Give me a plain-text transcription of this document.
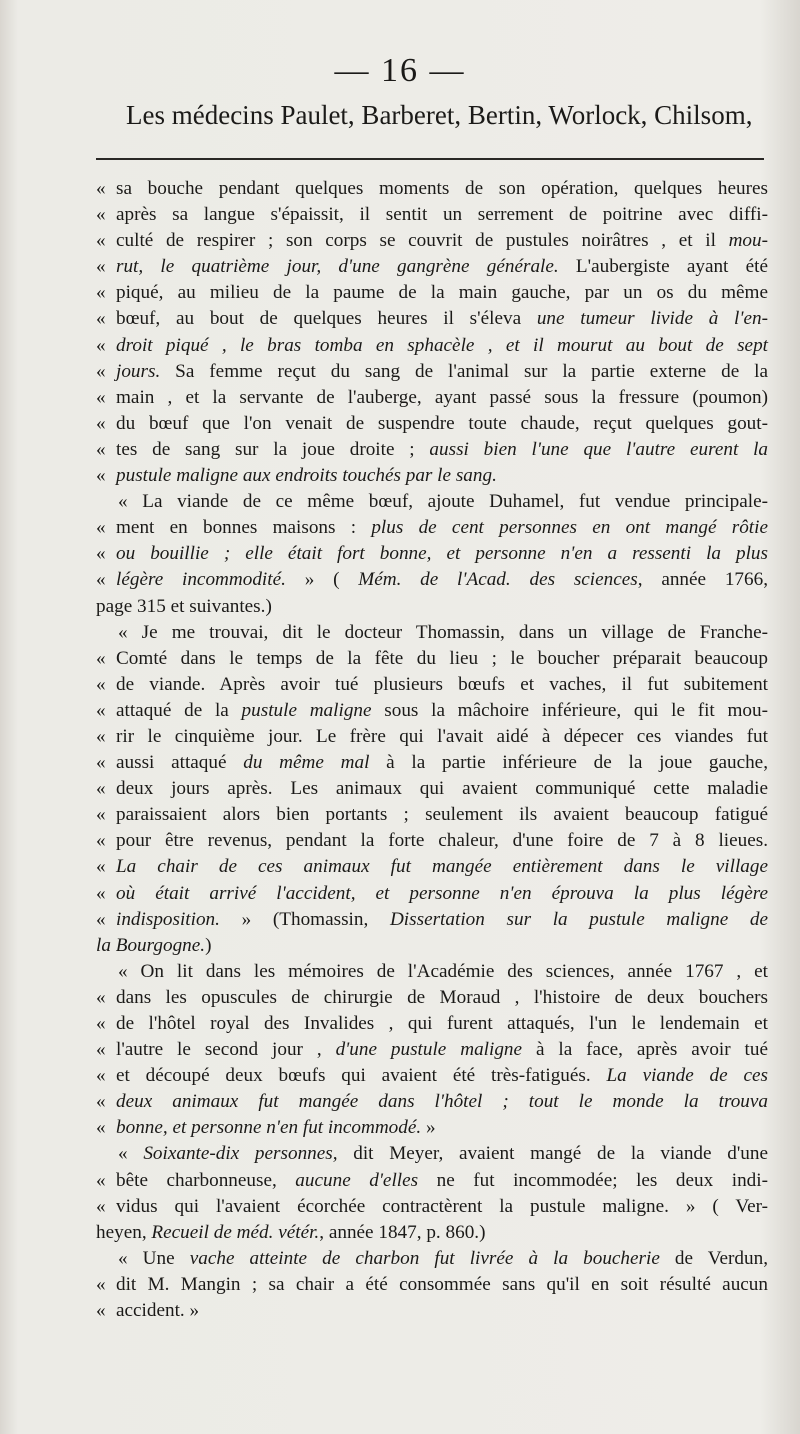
— 16 —
Les médecins Paulet, Barberet, Bertin, Worlock, Chilsom,
« sa bouche pendant quelques moments de son opération, quelques heures
« après sa langue s'épaissit, il sentit un serrement de poitrine avec diffi-
« culté de respirer ; son corps se couvrit de pustules noirâtres , et il mou-
« rut, le quatrième jour, d'une gangrène générale. L'aubergiste ayant été
« piqué, au milieu de la paume de la main gauche, par un os du même
« bœuf, au bout de quelques heures il s'éleva une tumeur livide à l'en-
« droit piqué , le bras tomba en sphacèle , et il mourut au bout de sept
« jours. Sa femme reçut du sang de l'animal sur la partie externe de la
« main , et la servante de l'auberge, ayant passé sous la fressure (poumon)
« du bœuf que l'on venait de suspendre toute chaude, reçut quelques gout-
« tes de sang sur la joue droite ; aussi bien l'une que l'autre eurent la
« pustule maligne aux endroits touchés par le sang.
« La viande de ce même bœuf, ajoute Duhamel, fut vendue principale-
« ment en bonnes maisons : plus de cent personnes en ont mangé rôtie
« ou bouillie ; elle était fort bonne, et personne n'en a ressenti la plus
« légère incommodité. » ( Mém. de l'Acad. des sciences, année 1766,
page 315 et suivantes.)
« Je me trouvai, dit le docteur Thomassin, dans un village de Franche-
« Comté dans le temps de la fête du lieu ; le boucher préparait beaucoup
« de viande. Après avoir tué plusieurs bœufs et vaches, il fut subitement
« attaqué de la pustule maligne sous la mâchoire inférieure, qui le fit mou-
« rir le cinquième jour. Le frère qui l'avait aidé à dépecer ces viandes fut
« aussi attaqué du même mal à la partie inférieure de la joue gauche,
« deux jours après. Les animaux qui avaient communiqué cette maladie
« paraissaient alors bien portants ; seulement ils avaient beaucoup fatigué
« pour être revenus, pendant la forte chaleur, d'une foire de 7 à 8 lieues.
« La chair de ces animaux fut mangée entièrement dans le village
« où était arrivé l'accident, et personne n'en éprouva la plus légère
« indisposition. » (Thomassin, Dissertation sur la pustule maligne de
la Bourgogne.)
« On lit dans les mémoires de l'Académie des sciences, année 1767 , et
« dans les opuscules de chirurgie de Moraud , l'histoire de deux bouchers
« de l'hôtel royal des Invalides , qui furent attaqués, l'un le lendemain et
« l'autre le second jour , d'une pustule maligne à la face, après avoir tué
« et découpé deux bœufs qui avaient été très-fatigués. La viande de ces
« deux animaux fut mangée dans l'hôtel ; tout le monde la trouva
« bonne, et personne n'en fut incommodé. »
« Soixante-dix personnes, dit Meyer, avaient mangé de la viande d'une
« bête charbonneuse, aucune d'elles ne fut incommodée; les deux indi-
« vidus qui l'avaient écorchée contractèrent la pustule maligne. » ( Ver-
heyen, Recueil de méd. vétér., année 1847, p. 860.)
« Une vache atteinte de charbon fut livrée à la boucherie de Verdun,
« dit M. Mangin ; sa chair a été consommée sans qu'il en soit résulté aucun
« accident. »
